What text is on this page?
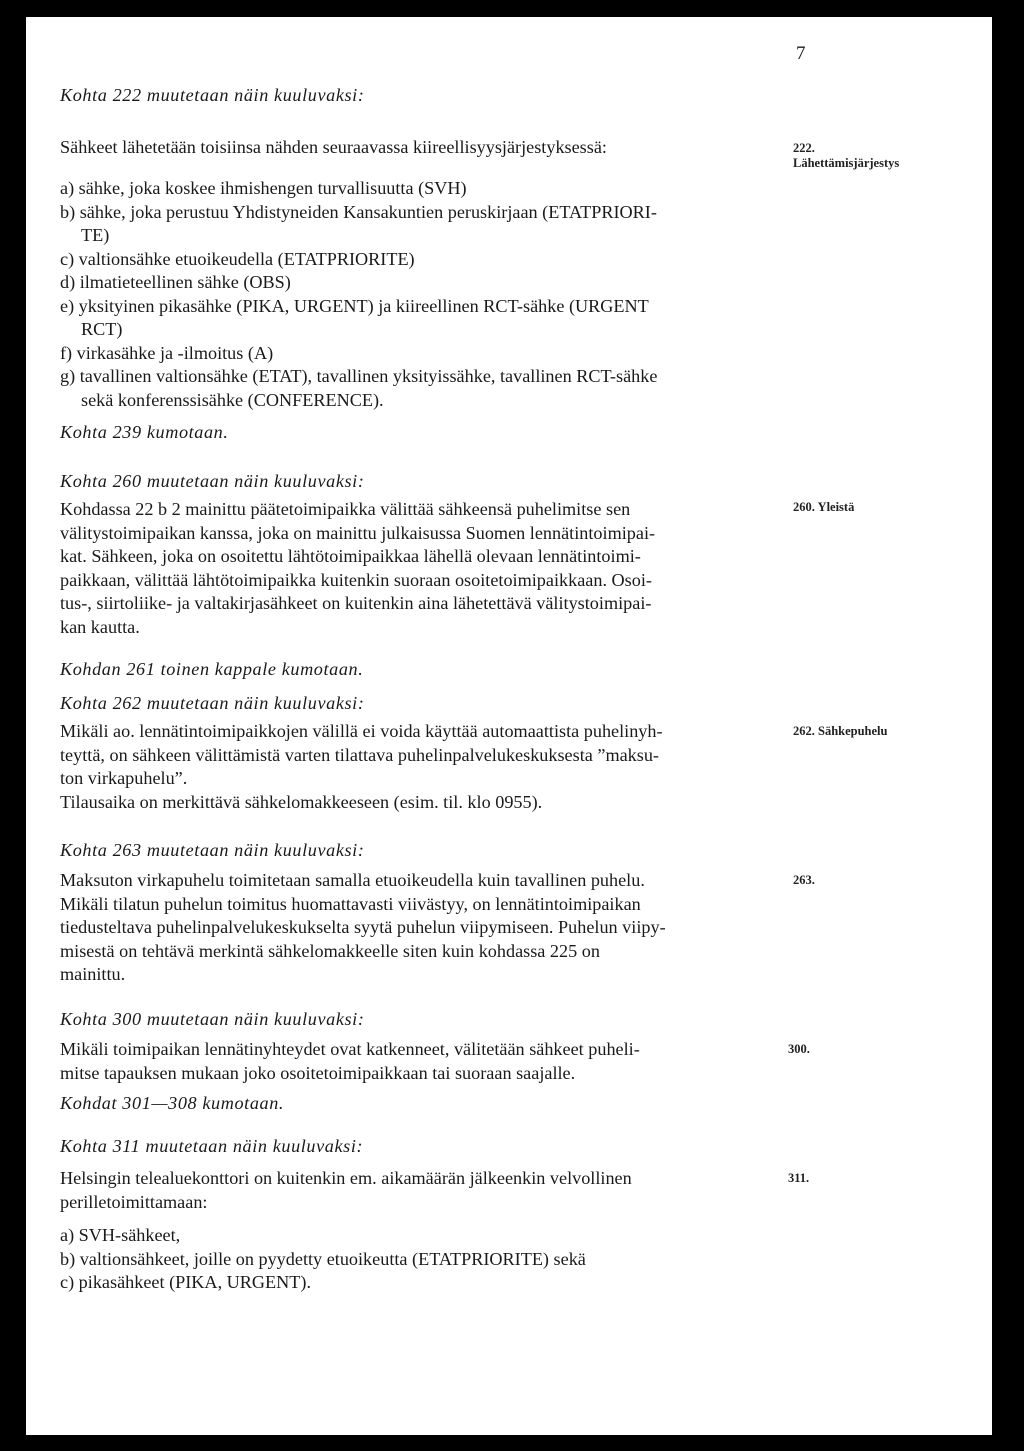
7
Kohta 222 muutetaan näin kuuluvaksi:
Sähkeet lähetetään toisiinsa nähden seuraavassa kiireellisyysjärjestyksessä:	222. Lähettämisjärjestys
a) sähke, joka koskee ihmishengen turvallisuutta (SVH)
b) sähke, joka perustuu Yhdistyneiden Kansakuntien peruskirjaan (ETATPRIORI-
TE)
c) valtionsähke etuoikeudella (ETATPRIORITE)
d) ilmatieteellinen sähke (OBS)
e) yksityinen pikasähke (PIKA, URGENT) ja kiireellinen RCT-sähke (URGENT
RCT)
f) virkasähke ja -ilmoitus (A)
g) tavallinen valtionsähke (ETAT), tavallinen yksityissähke, tavallinen RCT-sähke
sekä konferenssisähke (CONFERENCE).
Kohta 239 kumotaan.
Kohta 260 muutetaan näin kuuluvaksi:
260. Yleistä
Kohdassa 22 b 2 mainittu päätetoimipaikka välittää sähkeensä puhelimitse sen
välitystoimipaikan kanssa, joka on mainittu julkaisussa Suomen lennätintoimipai-
kat. Sähkeen, joka on osoitettu lähtötoimipaikkaa lähellä olevaan lennätintoimi-
paikkaan, välittää lähtötoimipaikka kuitenkin suoraan osoitetoimipaikkaan. Osoi-
tus-, siirtoliike- ja valtakirjasähkeet on kuitenkin aina lähetettävä välitystoimipai-
kan kautta.
Kohdan 261 toinen kappale kumotaan.
Kohta 262 muutetaan näin kuuluvaksi:
262. Sähkepuhelu
Mikäli ao. lennätintoimipaikkojen välillä ei voida käyttää automaattista puhelinyh-
teyttä, on sähkeen välittämistä varten tilattava puhelinpalvelukeskuksesta ”maksu-
ton virkapuhelu”.
Tilausaika on merkittävä sähkelomakkeeseen (esim. til. klo 0955).
Kohta 263 muutetaan näin kuuluvaksi:
263.
Maksuton virkapuhelu toimitetaan samalla etuoikeudella kuin tavallinen puhelu.
Mikäli tilatun puhelun toimitus huomattavasti viivästyy, on lennätintoimipaikan
tiedusteltava puhelinpalvelukeskukselta syytä puhelun viipymiseen. Puhelun viipy-
misestä on tehtävä merkintä sähkelomakkeelle siten kuin kohdassa 225 on
mainittu.
Kohta 300 muutetaan näin kuuluvaksi:
300.
Mikäli toimipaikan lennätinyhteydet ovat katkenneet, välitetään sähkeet puheli-
mitse tapauksen mukaan joko osoitetoimipaikkaan tai suoraan saajalle.
Kohdat 301—308 kumotaan.
Kohta 311 muutetaan näin kuuluvaksi:
311.
Helsingin telealuekonttori on kuitenkin em. aikamäärän jälkeenkin velvollinen
perilletoimittamaan:
a) SVH-sähkeet,
b) valtionsähkeet, joille on pyydetty etuoikeutta (ETATPRIORITE) sekä
c) pikasähkeet (PIKA, URGENT).
